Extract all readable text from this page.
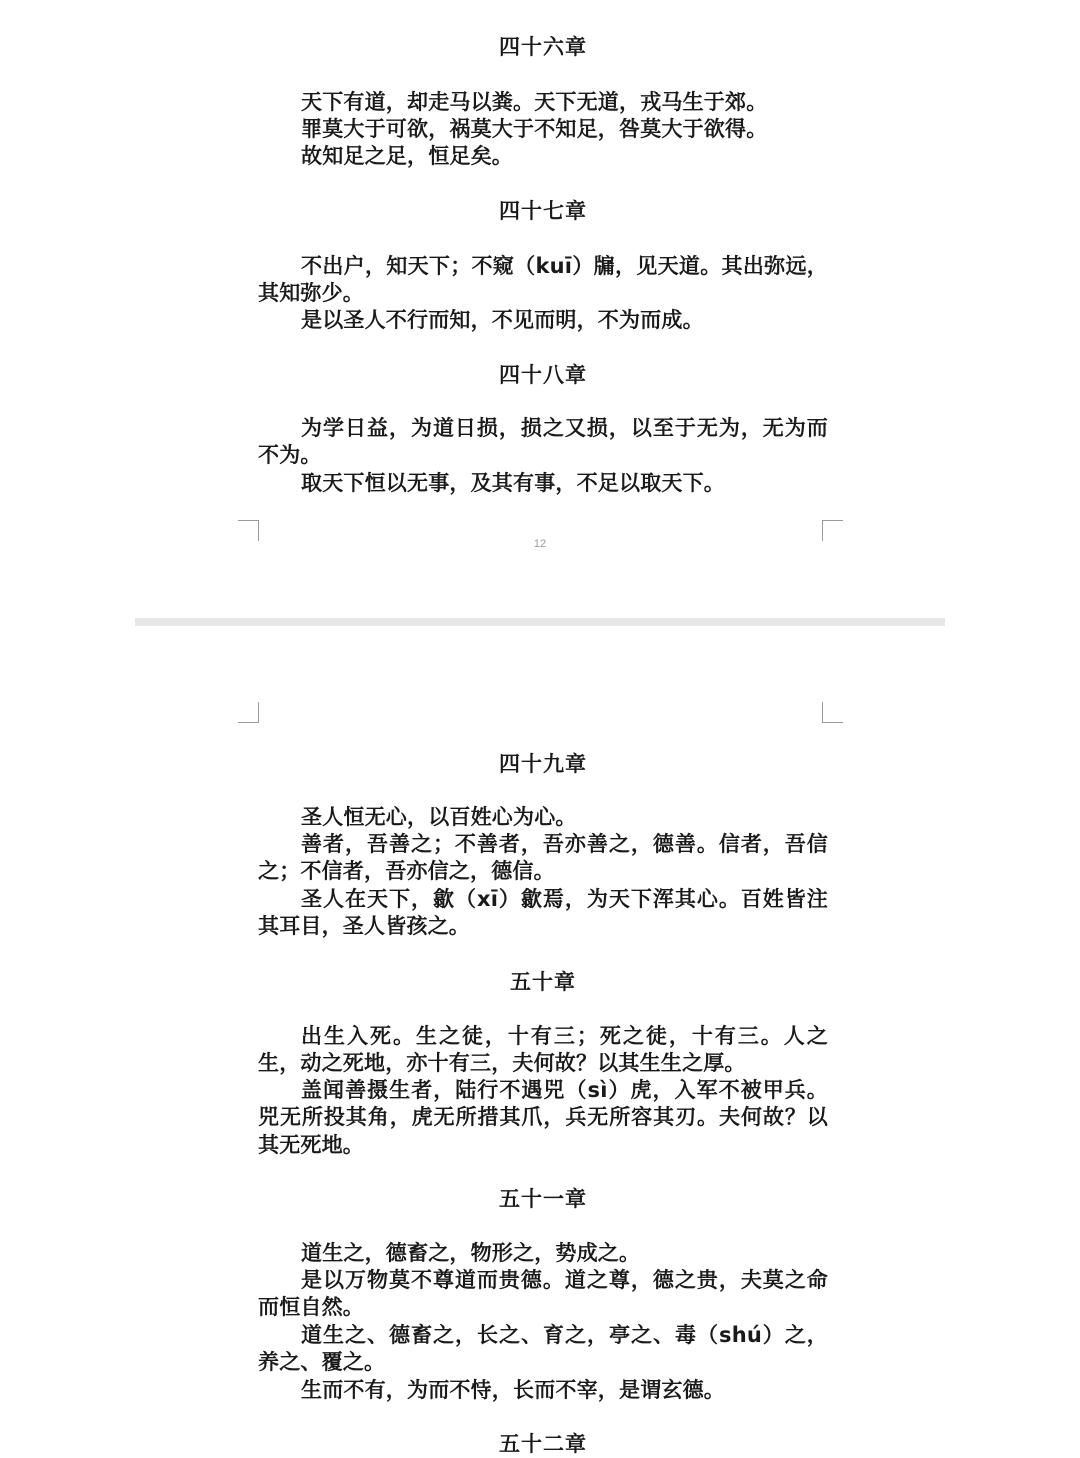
四十六章

天下有道，却走马以粪。天下无道，戎马生于郊。

罪莫大于可欲，祸莫大于不知足，咎莫大于欲得。

故知足之足，恒足矣。

四十七章

不出户，知天下；不窥（kuī）牖，见天道。其出弥远，其知弥少。

是以圣人不行而知，不见而明，不为而成。

四十八章

为学日益，为道日损，损之又损，以至于无为，无为而不为。

取天下恒以无事，及其有事，不足以取天下。

12
四十九章

圣人恒无心，以百姓心为心。

善者，吾善之；不善者，吾亦善之，德善。信者，吾信之；不信者，吾亦信之，德信。

圣人在天下，歙（xī）歙焉，为天下浑其心。百姓皆注其耳目，圣人皆孩之。

五十章

出生入死。生之徒，十有三；死之徒，十有三。人之生，动之死地，亦十有三，夫何故？以其生生之厚。

盖闻善摄生者，陆行不遇兕（sì）虎，入军不被甲兵。兕无所投其角，虎无所措其爪，兵无所容其刃。夫何故？以其无死地。

五十一章

道生之，德畜之，物形之，势成之。

是以万物莫不尊道而贵德。道之尊，德之贵，夫莫之命而恒自然。

道生之、德畜之，长之、育之，亭之、毒（shú）之，养之、覆之。

生而不有，为而不恃，长而不宰，是谓玄德。

五十二章
